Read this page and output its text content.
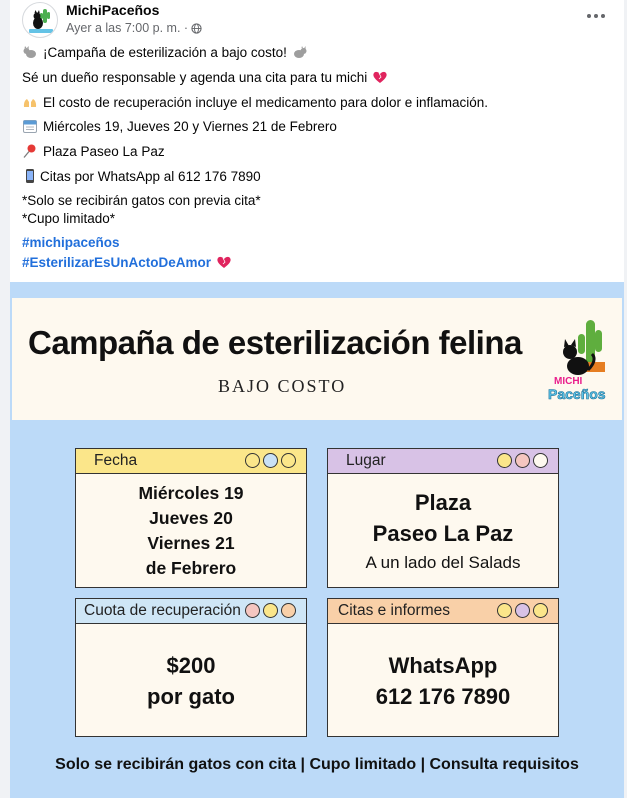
MichiPaceños
Ayer a las 7:00 p. m. ·
¡Campaña de esterilización a bajo costo!
Sé un dueño responsable y agenda una cita para tu michi
El costo de recuperación incluye el medicamento para dolor e inflamación.
Miércoles 19, Jueves 20 y Viernes 21 de Febrero
Plaza Paseo La Paz
Citas por WhatsApp al 612 176 7890
*Solo se recibirán gatos con previa cita*
*Cupo limitado*
#michipaceños
#EsterilizarEsUnActoDeAmor
Campaña de esterilización felina
BAJO COSTO	MICHI
Paceños
Fecha
Miércoles 19
Jueves 20
Viernes 21
de Febrero
Lugar
Plaza
Paseo La Paz
A un lado del Salads
Cuota de recuperación
$200
por gato
Citas e informes
WhatsApp
612 176 7890
Solo se recibirán gatos con cita | Cupo limitado | Consulta requisitos
